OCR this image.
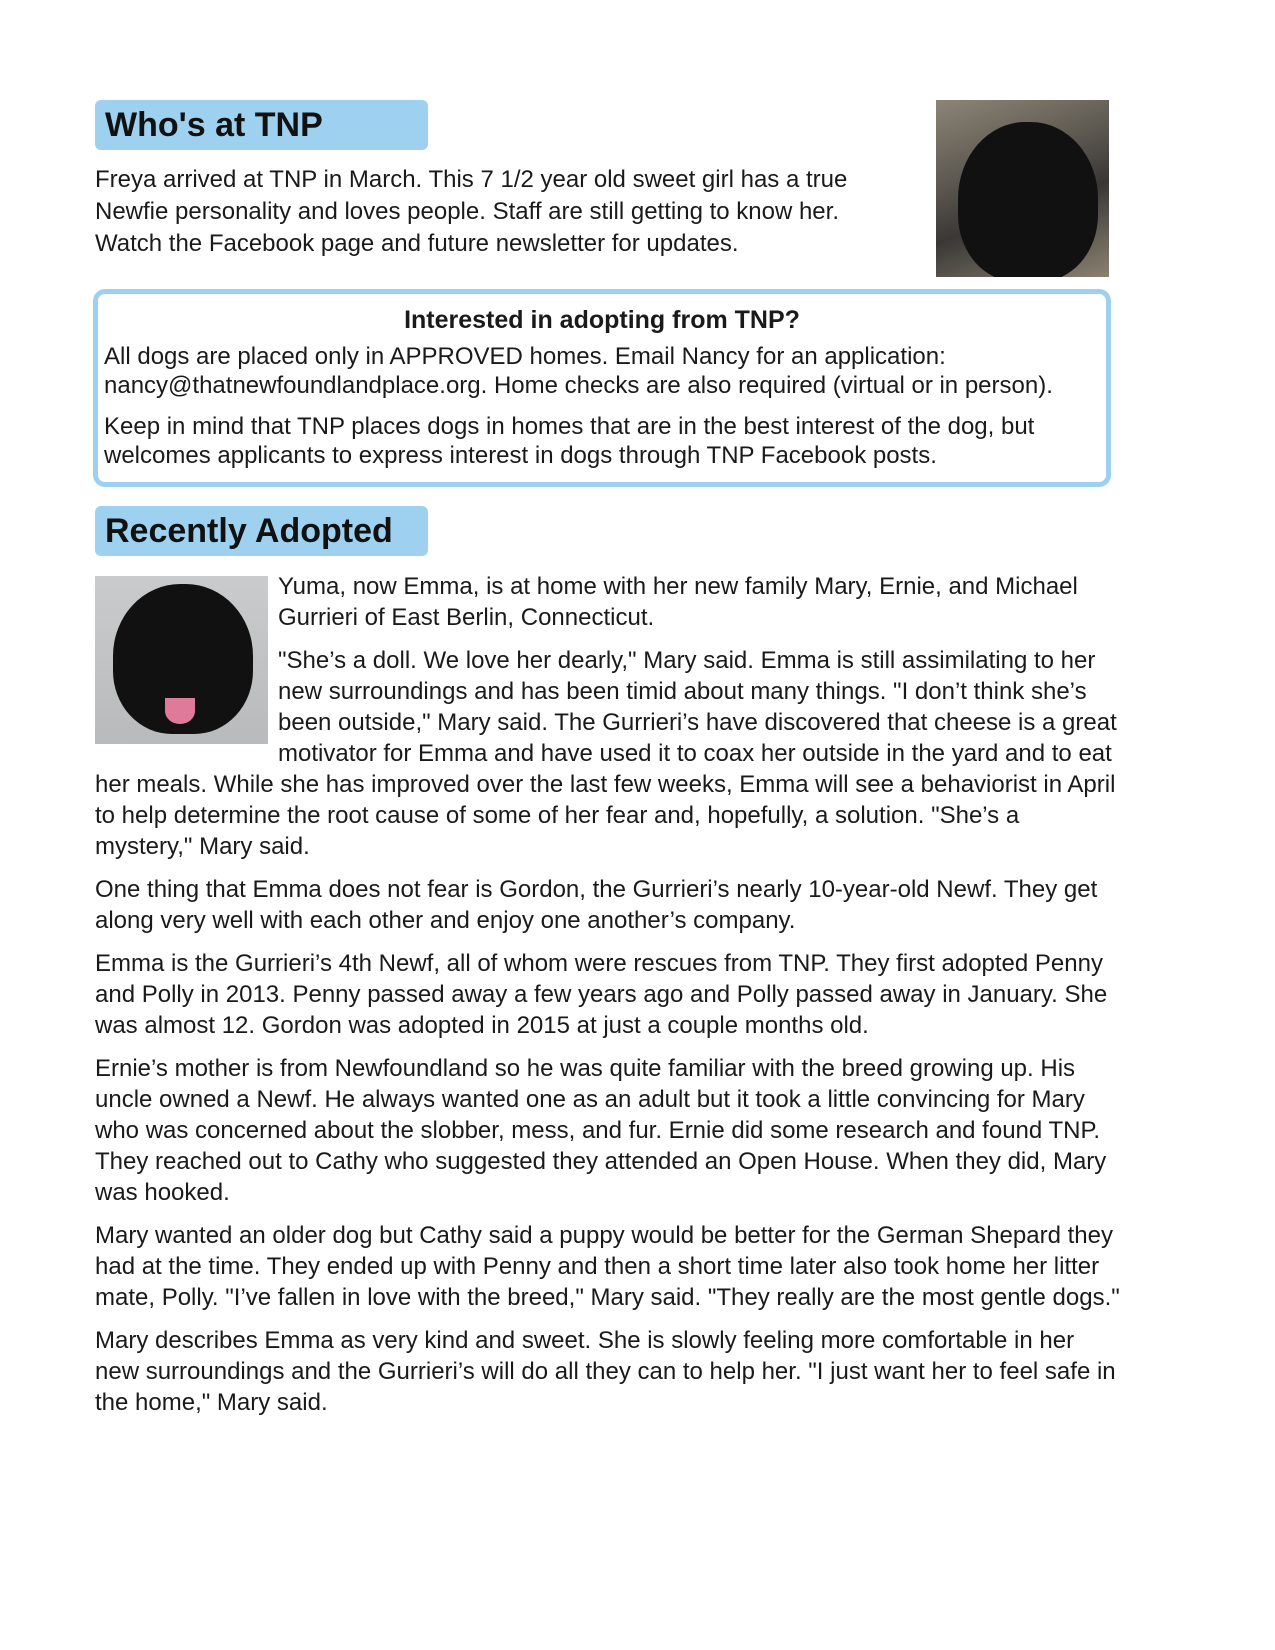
Who's at TNP

Freya arrived at TNP in March. This 7 1/2 year old sweet girl has a true Newfie personality and loves people. Staff are still getting to know her. Watch the Facebook page and future newsletter for updates.

Interested in adopting from TNP?

All dogs are placed only in APPROVED homes. Email Nancy for an application: nancy@thatnewfoundlandplace.org. Home checks are also required (virtual or in person).

Keep in mind that TNP places dogs in homes that are in the best interest of the dog, but welcomes applicants to express interest in dogs through TNP Facebook posts.

Recently Adopted

Yuma, now Emma, is at home with her new family Mary, Ernie, and Michael Gurrieri of East Berlin, Connecticut.

"She’s a doll. We love her dearly," Mary said. Emma is still assimilating to her new surroundings and has been timid about many things. "I don’t think she’s been outside," Mary said. The Gurrieri’s have discovered that cheese is a great motivator for Emma and have used it to coax her outside in the yard and to eat her meals. While she has improved over the last few weeks, Emma will see a behaviorist in April to help determine the root cause of some of her fear and, hopefully, a solution. "She’s a mystery," Mary said.

One thing that Emma does not fear is Gordon, the Gurrieri’s nearly 10-year-old Newf. They get along very well with each other and enjoy one another’s company.

Emma is the Gurrieri’s 4th Newf, all of whom were rescues from TNP. They first adopted Penny and Polly in 2013. Penny passed away a few years ago and Polly passed away in January. She was almost 12. Gordon was adopted in 2015 at just a couple months old.

Ernie’s mother is from Newfoundland so he was quite familiar with the breed growing up. His uncle owned a Newf. He always wanted one as an adult but it took a little convincing for Mary who was concerned about the slobber, mess, and fur. Ernie did some research and found TNP. They reached out to Cathy who suggested they attended an Open House. When they did, Mary was hooked.

Mary wanted an older dog but Cathy said a puppy would be better for the German Shepard they had at the time. They ended up with Penny and then a short time later also took home her litter mate, Polly. "I’ve fallen in love with the breed," Mary said. "They really are the most gentle dogs."

Mary describes Emma as very kind and sweet. She is slowly feeling more comfortable in her new surroundings and the Gurrieri’s will do all they can to help her. "I just want her to feel safe in the home," Mary said.
